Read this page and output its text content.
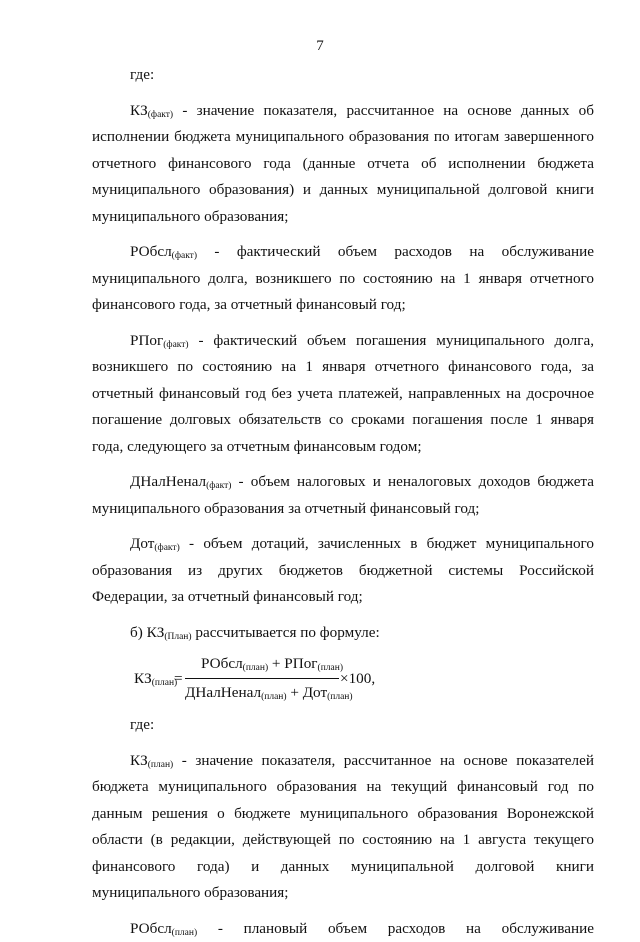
7

где:

$КЗ_{(факт)}$ - значение показателя, рассчитанное на основе данных об исполнении бюджета муниципального образования по итогам завершенного отчетного финансового года (данные отчета об исполнении бюджета муниципального образования) и данных муниципальной долговой книги муниципального образования;

РОбсл$_{(факт)}$ - фактический объем расходов на обслуживание муниципального долга, возникшего по состоянию на 1 января отчетного финансового года, за отчетный финансовый год;

РПог$_{(факт)}$ - фактический объем погашения муниципального долга, возникшего по состоянию на 1 января отчетного финансового года, за отчетный финансовый год без учета платежей, направленных на досрочное погашение долговых обязательств со сроками погашения после 1 января года, следующего за отчетным финансовым годом;

ДНалНенал$_{(факт)}$ - объем налоговых и неналоговых доходов бюджета муниципального образования за отчетный финансовый год;

Дот$_{(факт)}$ - объем дотаций, зачисленных в бюджет муниципального образования из других бюджетов бюджетной системы Российской Федерации, за отчетный финансовый год;

б) $КЗ_{(План)}$ рассчитывается по формуле:

$КЗ_{(план)}$
=
РОбсл$_{(план)}$ + РПог$_{(план)}$
ДНалНенал$_{(план)}$ + Дот$_{(план)}$
×100,

где:

$КЗ_{(план)}$ - значение показателя, рассчитанное на основе показателей бюджета муниципального образования на текущий финансовый год по данным решения о бюджете муниципального образования Воронежской области (в редакции, действующей по состоянию на 1 августа текущего финансового года) и данных муниципальной долговой книги муниципального образования;

РОбсл$_{(план)}$ - плановый объем расходов на обслуживание
